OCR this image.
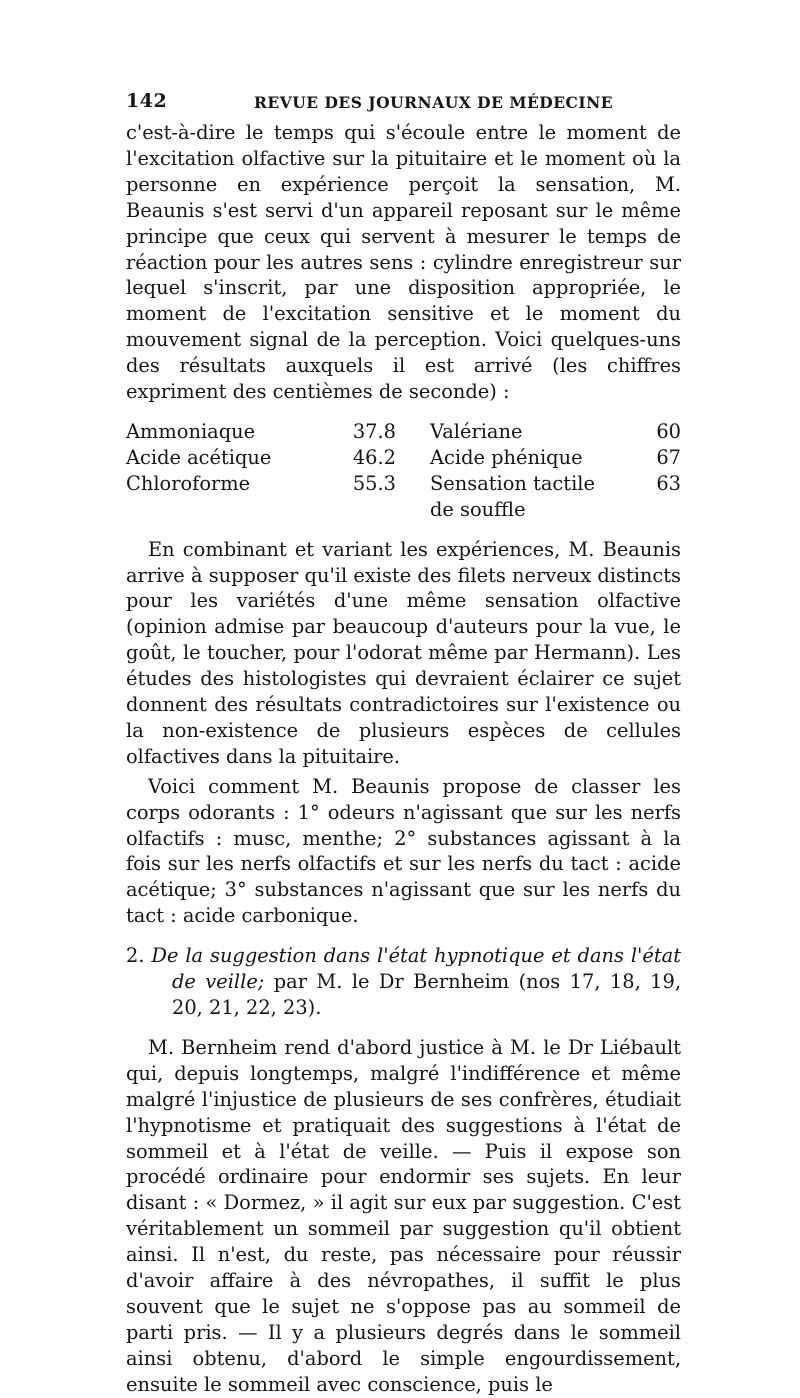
142	REVUE DES JOURNAUX DE MÉDECINE

c'est-à-dire le temps qui s'écoule entre le moment de l'excitation olfactive sur la pituitaire et le moment où la personne en expérience perçoit la sensation, M. Beaunis s'est servi d'un appareil reposant sur le même principe que ceux qui servent à mesurer le temps de réaction pour les autres sens : cylindre enregistreur sur lequel s'inscrit, par une disposition appropriée, le moment de l'excitation sensitive et le moment du mouvement signal de la perception. Voici quelques-uns des résultats auxquels il est arrivé (les chiffres expriment des centièmes de seconde) :

Ammoniaque	37.8	Valériane	60
Acide acétique	46.2	Acide phénique	67
Chloroforme	55.3	Sensation tactile de souffle	63

En combinant et variant les expériences, M. Beaunis arrive à supposer qu'il existe des filets nerveux distincts pour les variétés d'une même sensation olfactive (opinion admise par beaucoup d'auteurs pour la vue, le goût, le toucher, pour l'odorat même par Hermann). Les études des histologistes qui devraient éclairer ce sujet donnent des résultats contradictoires sur l'existence ou la non-existence de plusieurs espèces de cellules olfactives dans la pituitaire.

Voici comment M. Beaunis propose de classer les corps odorants : 1° odeurs n'agissant que sur les nerfs olfactifs : musc, menthe; 2° substances agissant à la fois sur les nerfs olfactifs et sur les nerfs du tact : acide acétique; 3° substances n'agissant que sur les nerfs du tact : acide carbonique.

2. De la suggestion dans l'état hypnotique et dans l'état de veille; par M. le Dr Bernheim (nos 17, 18, 19, 20, 21, 22, 23).

M. Bernheim rend d'abord justice à M. le Dr Liébault qui, depuis longtemps, malgré l'indifférence et même malgré l'injustice de plusieurs de ses confrères, étudiait l'hypnotisme et pratiquait des suggestions à l'état de sommeil et à l'état de veille. — Puis il expose son procédé ordinaire pour endormir ses sujets. En leur disant : « Dormez, » il agit sur eux par suggestion. C'est véritablement un sommeil par suggestion qu'il obtient ainsi. Il n'est, du reste, pas nécessaire pour réussir d'avoir affaire à des névropathes, il suffit le plus souvent que le sujet ne s'oppose pas au sommeil de parti pris. — Il y a plusieurs degrés dans le sommeil ainsi obtenu, d'abord le simple engourdissement, ensuite le sommeil avec conscience, puis le
